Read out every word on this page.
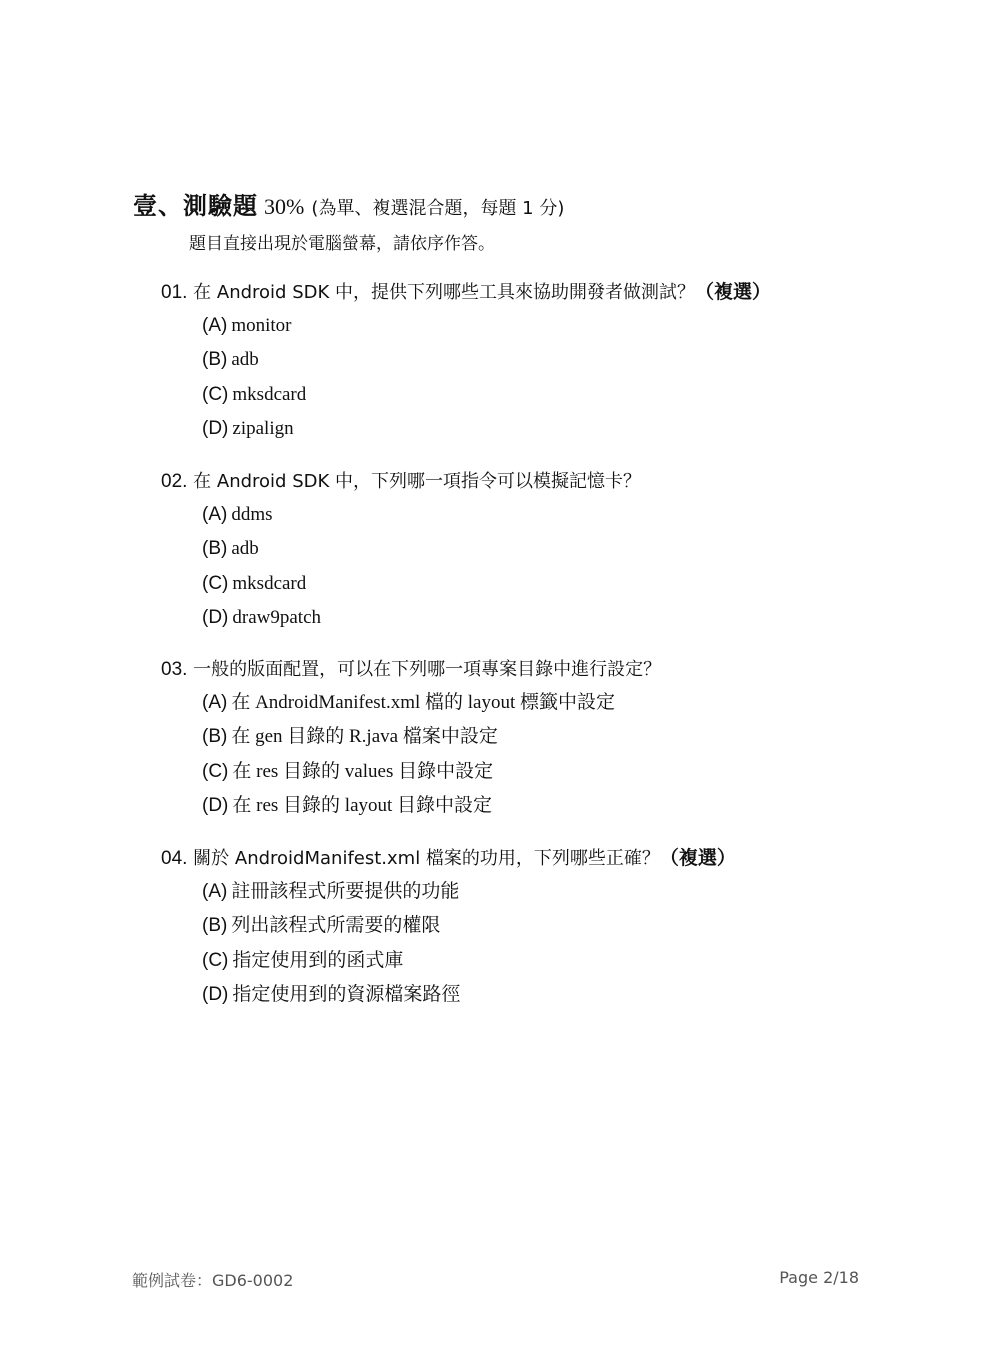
壹、測驗題 30% (為單、複選混合題，每題 1 分)
題目直接出現於電腦螢幕，請依序作答。
01. 在 Android SDK 中，提供下列哪些工具來協助開發者做測試？（複選）
(A) monitor
(B) adb
(C) mksdcard
(D) zipalign
02. 在 Android SDK 中，下列哪一項指令可以模擬記憶卡？
(A) ddms
(B) adb
(C) mksdcard
(D) draw9patch
03. 一般的版面配置，可以在下列哪一項專案目錄中進行設定？
(A) 在 AndroidManifest.xml 檔的 layout 標籤中設定
(B) 在 gen 目錄的 R.java 檔案中設定
(C) 在 res 目錄的 values 目錄中設定
(D) 在 res 目錄的 layout 目錄中設定
04. 關於 AndroidManifest.xml 檔案的功用，下列哪些正確？（複選）
(A) 註冊該程式所要提供的功能
(B) 列出該程式所需要的權限
(C) 指定使用到的函式庫
(D) 指定使用到的資源檔案路徑
範例試卷：GD6-0002	Page 2/18
